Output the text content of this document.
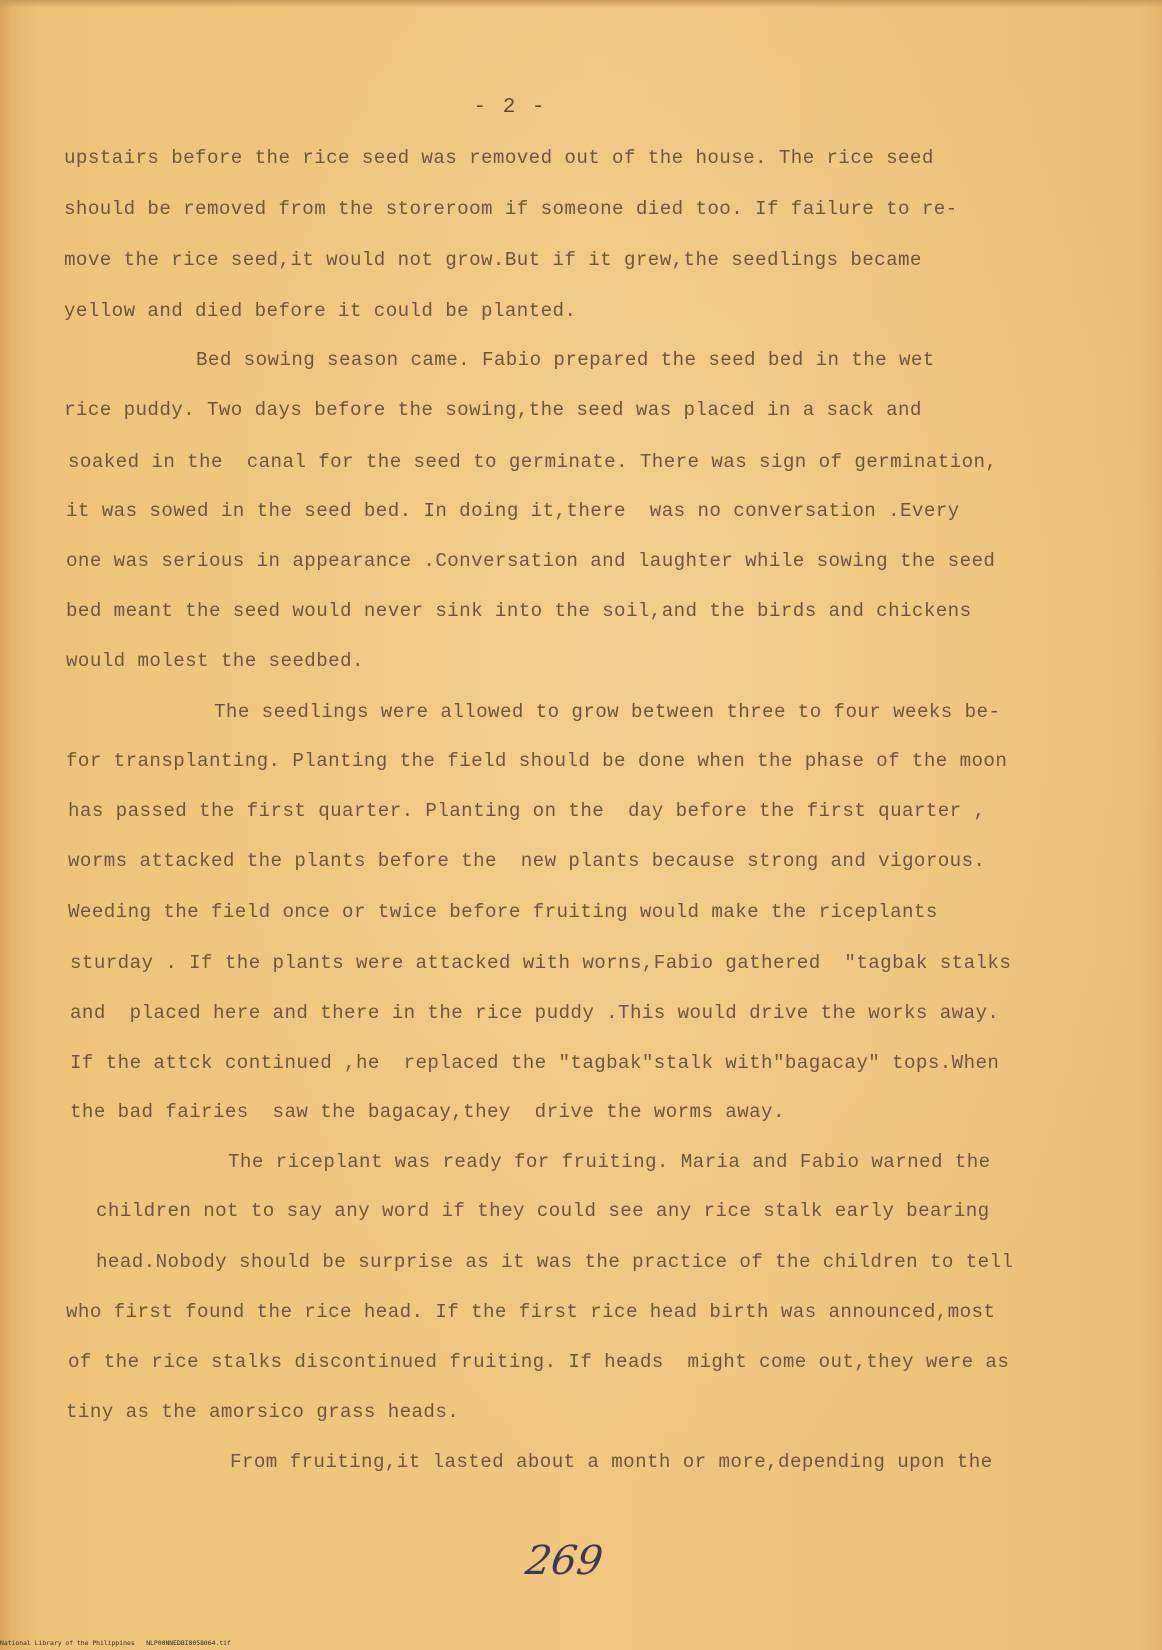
- 2 -
upstairs before the rice seed was removed out of the house. The rice seed
should be removed from the storeroom if someone died too. If failure to re-
move the rice seed,it would not grow.But if it grew,the seedlings became
yellow and died before it could be planted.
Bed sowing season came. Fabio prepared the seed bed in the wet
rice puddy. Two days before the sowing,the seed was placed in a sack and
soaked in the  canal for the seed to germinate. There was sign of germination,
it was sowed in the seed bed. In doing it,there  was no conversation .Every
one was serious in appearance .Conversation and laughter while sowing the seed
bed meant the seed would never sink into the soil,and the birds and chickens
would molest the seedbed.
The seedlings were allowed to grow between three to four weeks be-
for transplanting. Planting the field should be done when the phase of the moon
has passed the first quarter. Planting on the  day before the first quarter ,
worms attacked the plants before the  new plants because strong and vigorous.
Weeding the field once or twice before fruiting would make the riceplants
sturday . If the plants were attacked with worns,Fabio gathered  "tagbak stalks
and  placed here and there in the rice puddy .This would drive the works away.
If the attck continued ,he  replaced the "tagbak"stalk with"bagacay" tops.When
the bad fairies  saw the bagacay,they  drive the worms away.
The riceplant was ready for fruiting. Maria and Fabio warned the
children not to say any word if they could see any rice stalk early bearing
head.Nobody should be surprise as it was the practice of the children to tell
who first found the rice head. If the first rice head birth was announced,most
of the rice stalks discontinued fruiting. If heads  might come out,they were as
tiny as the amorsico grass heads.
From fruiting,it lasted about a month or more,depending upon the
269
National Library of the Philippines   NLP00NNEDBI8058064.tif
